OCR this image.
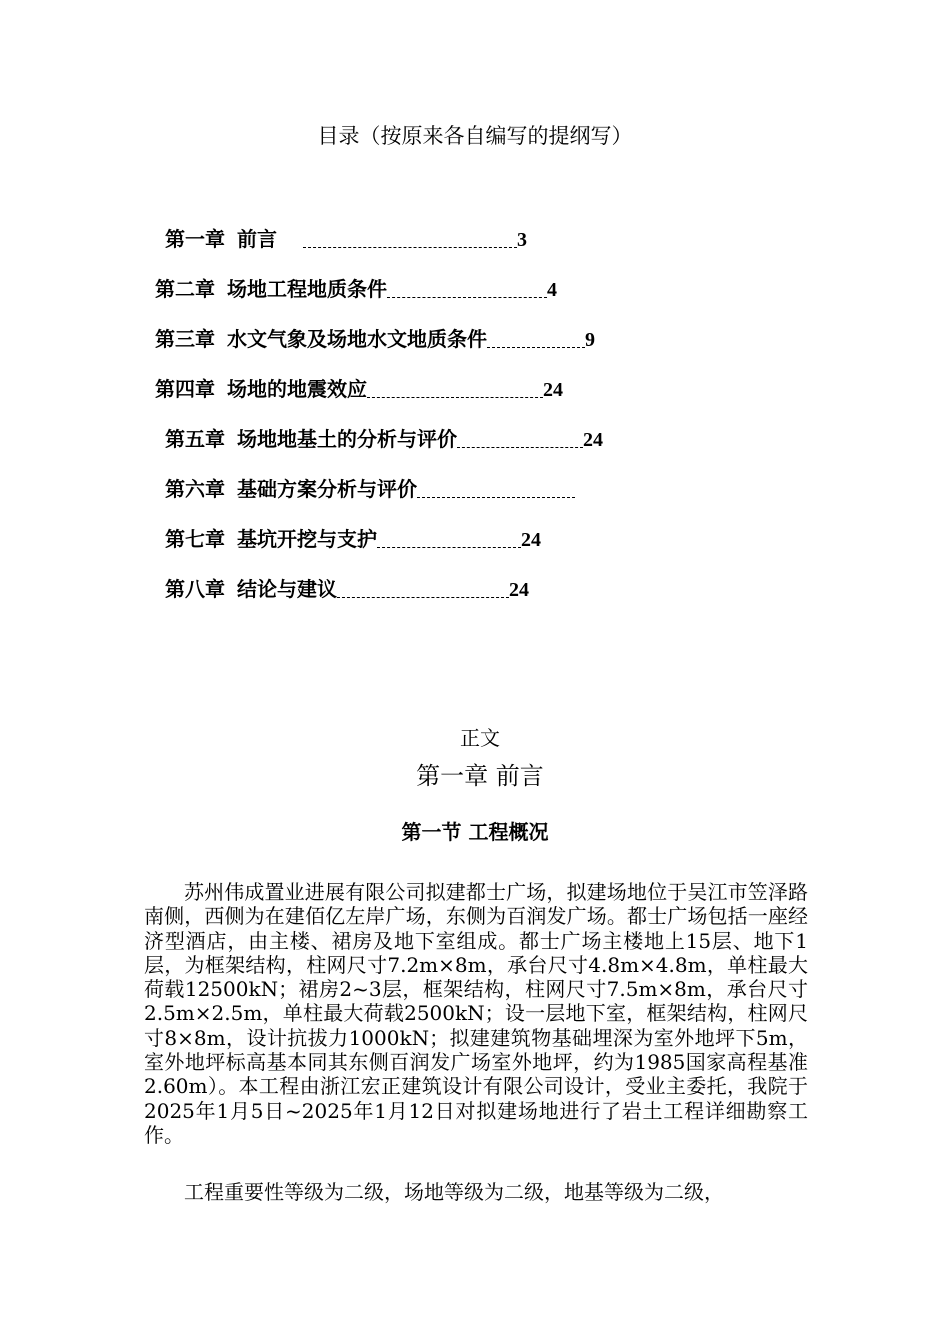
目录（按原来各自编写的提纲写）
第一章 前言	3
第二章 场地工程地质条件	4
第三章 水文气象及场地水文地质条件	9
第四章 场地的地震效应	24
第五章 场地地基土的分析与评价	24
第六章 基础方案分析与评价
第七章 基坑开挖与支护	24
第八章 结论与建议	24
正文
第一章 前言
第一节 工程概况

苏州伟成置业进展有限公司拟建都士广场，拟建场地位于吴江市笠泽路南侧，西侧为在建佰亿左岸广场，东侧为百润发广场。都士广场包括一座经济型酒店，由主楼、裙房及地下室组成。都士广场主楼地上15层、地下1层，为框架结构，柱网尺寸7.2m×8m，承台尺寸4.8m×4.8m，单柱最大荷载12500kN；裙房2~3层，框架结构，柱网尺寸7.5m×8m，承台尺寸2.5m×2.5m，单柱最大荷载2500kN；设一层地下室，框架结构，柱网尺寸8×8m，设计抗拔力1000kN；拟建建筑物基础埋深为室外地坪下5m，室外地坪标高基本同其东侧百润发广场室外地坪，约为1985国家高程基准2.60m）。本工程由浙江宏正建筑设计有限公司设计，受业主委托，我院于2025年1月5日~2025年1月12日对拟建场地进行了岩土工程详细勘察工作。

工程重要性等级为二级，场地等级为二级，地基等级为二级，
